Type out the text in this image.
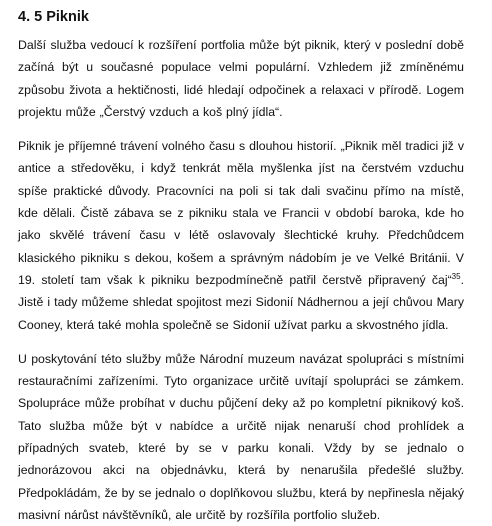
4. 5 Piknik

Další služba vedoucí k rozšíření portfolia může být piknik, který v poslední době začíná být u současné populace velmi populární. Vzhledem již zmíněnému způsobu života a hektičnosti, lidé hledají odpočinek a relaxaci v přírodě. Logem projektu může „Čerstvý vzduch a koš plný jídla“.

Piknik je příjemné trávení volného času s dlouhou historií. „Piknik měl tradici již v antice a středověku, i když tenkrát měla myšlenka jíst na čerstvém vzduchu spíše praktické důvody. Pracovníci na poli si tak dali svačinu přímo na místě, kde dělali. Čistě zábava se z pikniku stala ve Francii v období baroka, kde ho jako skvělé trávení času v létě oslavovaly šlechtické kruhy. Předchůdcem klasického pikniku s dekou, košem a správným nádobím je ve Velké Británii. V 19. století tam však k pikniku bezpodmínečně patřil čerstvě připravený čaj“$^{35}$. Jistě i tady můžeme shledat spojitost mezi Sidonií Nádhernou a její chůvou Mary Cooney, která také mohla společně se Sidonií užívat parku a skvostného jídla.

U poskytování této služby může Národní muzeum navázat spolupráci s místními restauračními zařízeními. Tyto organizace určitě uvítají spolupráci se zámkem. Spolupráce může probíhat v duchu půjčení deky až po kompletní piknikový koš. Tato služba může být v nabídce a určitě nijak nenaruší chod prohlídek a případných svateb, které by se v parku konali. Vždy by se jednalo o jednorázovou akci na objednávku, která by nenarušila předešlé služby. Předpokládám, že by se jednalo o doplňkovou službu, která by nepřinesla nějaký masivní nárůst návštěvníků, ale určitě by rozšířila portfolio služeb.
